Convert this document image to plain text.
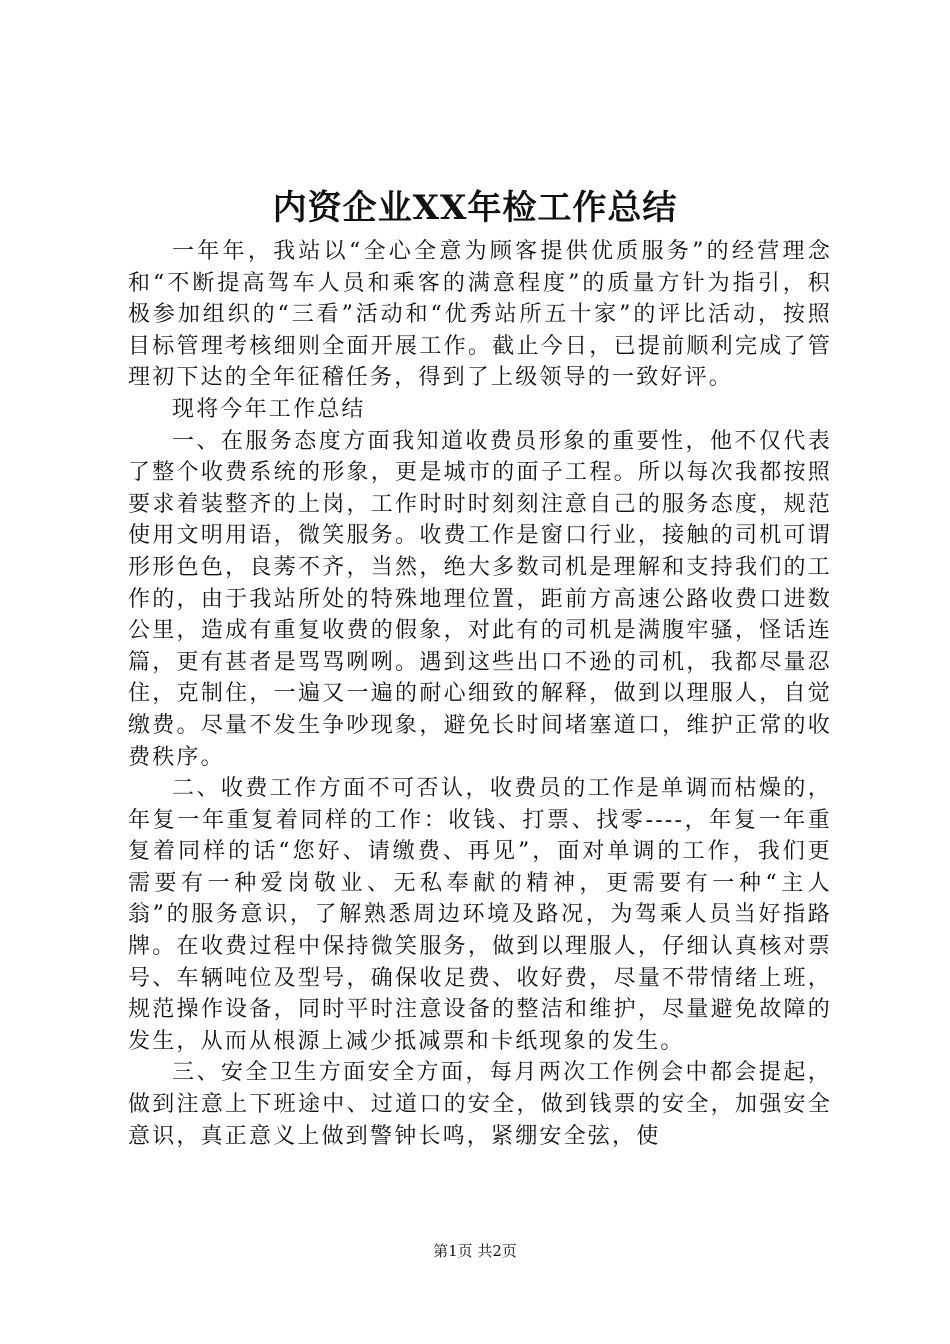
内资企业XX年检工作总结

一年年，我站以“全心全意为顾客提供优质服务”的经营理念和“不断提高驾车人员和乘客的满意程度”的质量方针为指引，积极参加组织的“三看”活动和“优秀站所五十家”的评比活动，按照目标管理考核细则全面开展工作。截止今日，已提前顺利完成了管理初下达的全年征稽任务，得到了上级领导的一致好评。

现将今年工作总结

一、在服务态度方面我知道收费员形象的重要性，他不仅代表了整个收费系统的形象，更是城市的面子工程。所以每次我都按照要求着装整齐的上岗，工作时时时刻刻注意自己的服务态度，规范使用文明用语，微笑服务。收费工作是窗口行业，接触的司机可谓形形色色，良莠不齐，当然，绝大多数司机是理解和支持我们的工作的，由于我站所处的特殊地理位置，距前方高速公路收费口进数公里，造成有重复收费的假象，对此有的司机是满腹牢骚，怪话连篇，更有甚者是骂骂咧咧。遇到这些出口不逊的司机，我都尽量忍住，克制住，一遍又一遍的耐心细致的解释，做到以理服人，自觉缴费。尽量不发生争吵现象，避免长时间堵塞道口，维护正常的收费秩序。

二、收费工作方面不可否认，收费员的工作是单调而枯燥的，年复一年重复着同样的工作：收钱、打票、找零----，年复一年重复着同样的话“您好、请缴费、再见”，面对单调的工作，我们更需要有一种爱岗敬业、无私奉献的精神，更需要有一种“主人翁”的服务意识，了解熟悉周边环境及路况，为驾乘人员当好指路牌。在收费过程中保持微笑服务，做到以理服人，仔细认真核对票号、车辆吨位及型号，确保收足费、收好费，尽量不带情绪上班，规范操作设备，同时平时注意设备的整洁和维护，尽量避免故障的发生，从而从根源上减少抵减票和卡纸现象的发生。

三、安全卫生方面安全方面，每月两次工作例会中都会提起，做到注意上下班途中、过道口的安全，做到钱票的安全，加强安全意识，真正意义上做到警钟长鸣，紧绷安全弦，使

第1页 共2页
